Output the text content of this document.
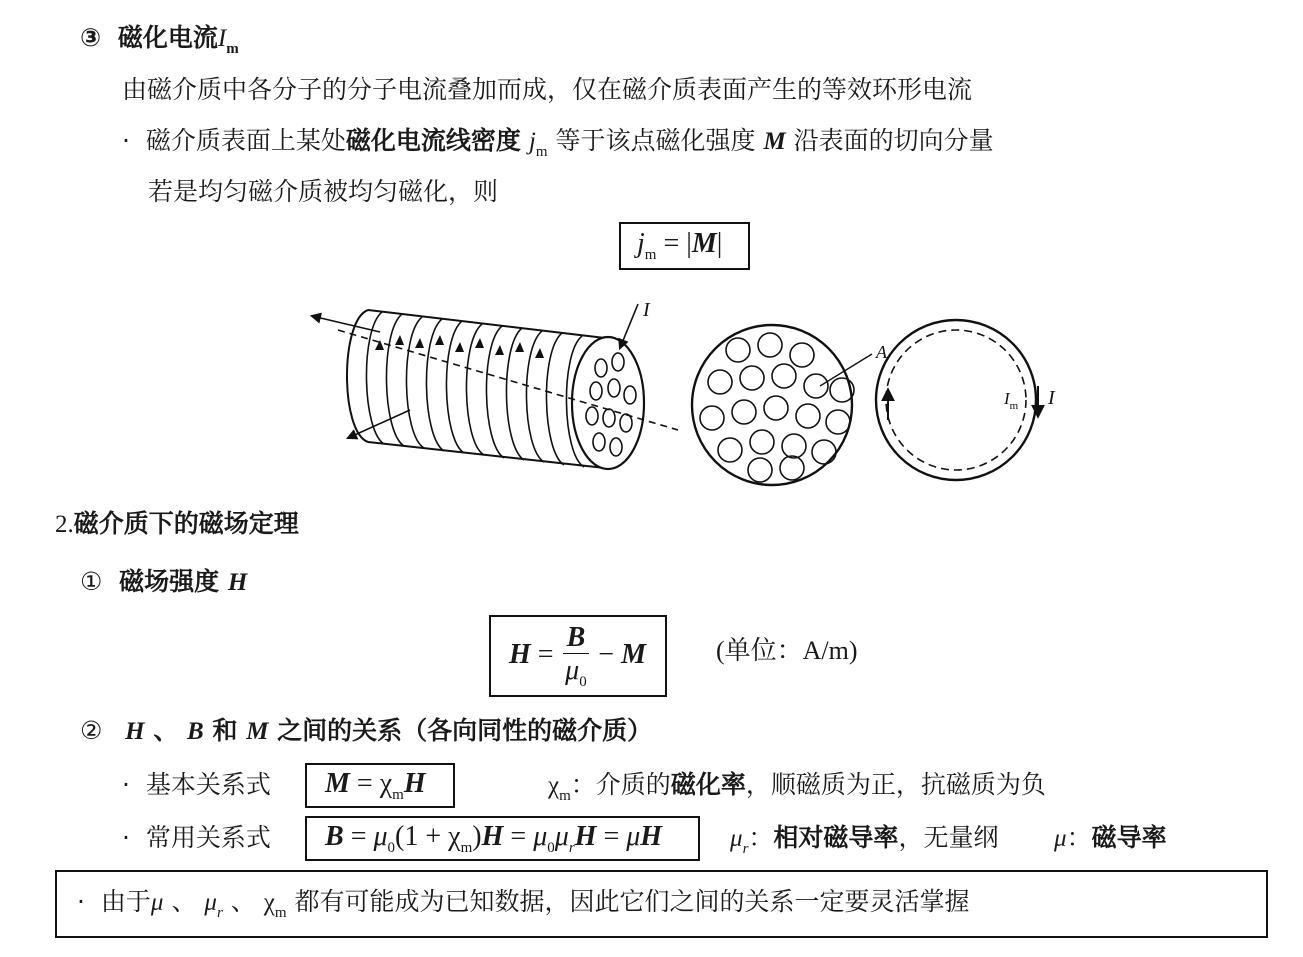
③ 磁化电流$I_m$
由磁介质中各分子的分子电流叠加而成，仅在磁介质表面产生的等效环形电流
· 磁介质表面上某处磁化电流线密度 $j_m$ 等于该点磁化强度 M 沿表面的切向分量
若是均匀磁介质被均匀磁化，则
$j_m = |M|$
I
A
$I_m$ I
2.磁介质下的磁场定理
① 磁场强度 H
$H = \frac{B}{\mu_0} - M$	(单位：A/m)
② H 、 B 和 M 之间的关系（各向同性的磁介质）
· 基本关系式 $M = \chi_mH$	$\chi_m$：介质的磁化率，顺磁质为正，抗磁质为负
· 常用关系式 $B = \mu_0(1 + \chi_m)H = \mu_0\mu_rH = \mu H$	$\mu_r$：相对磁导率，无量纲 μ：磁导率
· 由于μ 、 $\mu_r$ 、 $\chi_m$ 都有可能成为已知数据，因此它们之间的关系一定要灵活掌握
